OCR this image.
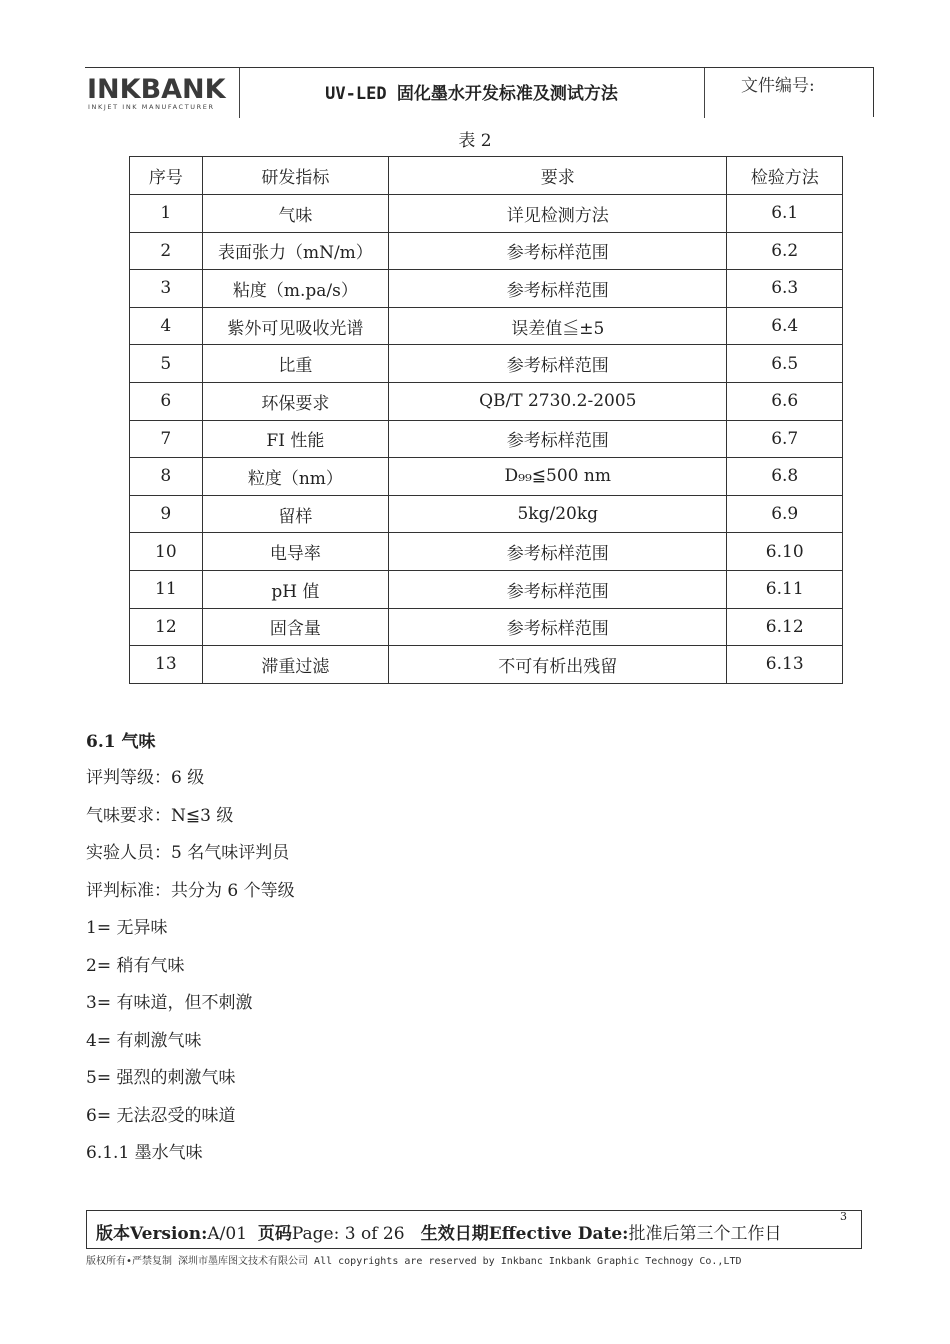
INKBANK
INKJET INK MANUFACTURER
UV-LED 固化墨水开发标准及测试方法	文件编号:
表 2
序号	研发指标	要求	检验方法
1	气味	详见检测方法	6.1
2	表面张力（mN/m）	参考标样范围	6.2
3	粘度（m.pa/s）	参考标样范围	6.3
4	紫外可见吸收光谱	误差值≦±5	6.4
5	比重	参考标样范围	6.5
6	环保要求	QB/T 2730.2-2005	6.6
7	FI 性能	参考标样范围	6.7
8	粒度（nm）	D₉₉≦500 nm	6.8
9	留样	5kg/20kg	6.9
10	电导率	参考标样范围	6.10
11	pH 值	参考标样范围	6.11
12	固含量	参考标样范围	6.12
13	滞重过滤	不可有析出残留	6.13
6.1 气味
评判等级：6 级
气味要求：N≦3 级
实验人员：5 名气味评判员
评判标准：共分为 6 个等级
1= 无异味
2= 稍有气味
3= 有味道，但不刺激
4= 有刺激气味
5= 强烈的刺激气味
6= 无法忍受的味道
6.1.1 墨水气味
版本Version:A/01 页码Page: 3 of 26 生效日期Effective Date:批准后第三个工作日
3
版权所有•严禁复制 深圳市墨库图文技术有限公司 All copyrights are reserved by Inkbanc Inkbank Graphic Technogy Co.,LTD
